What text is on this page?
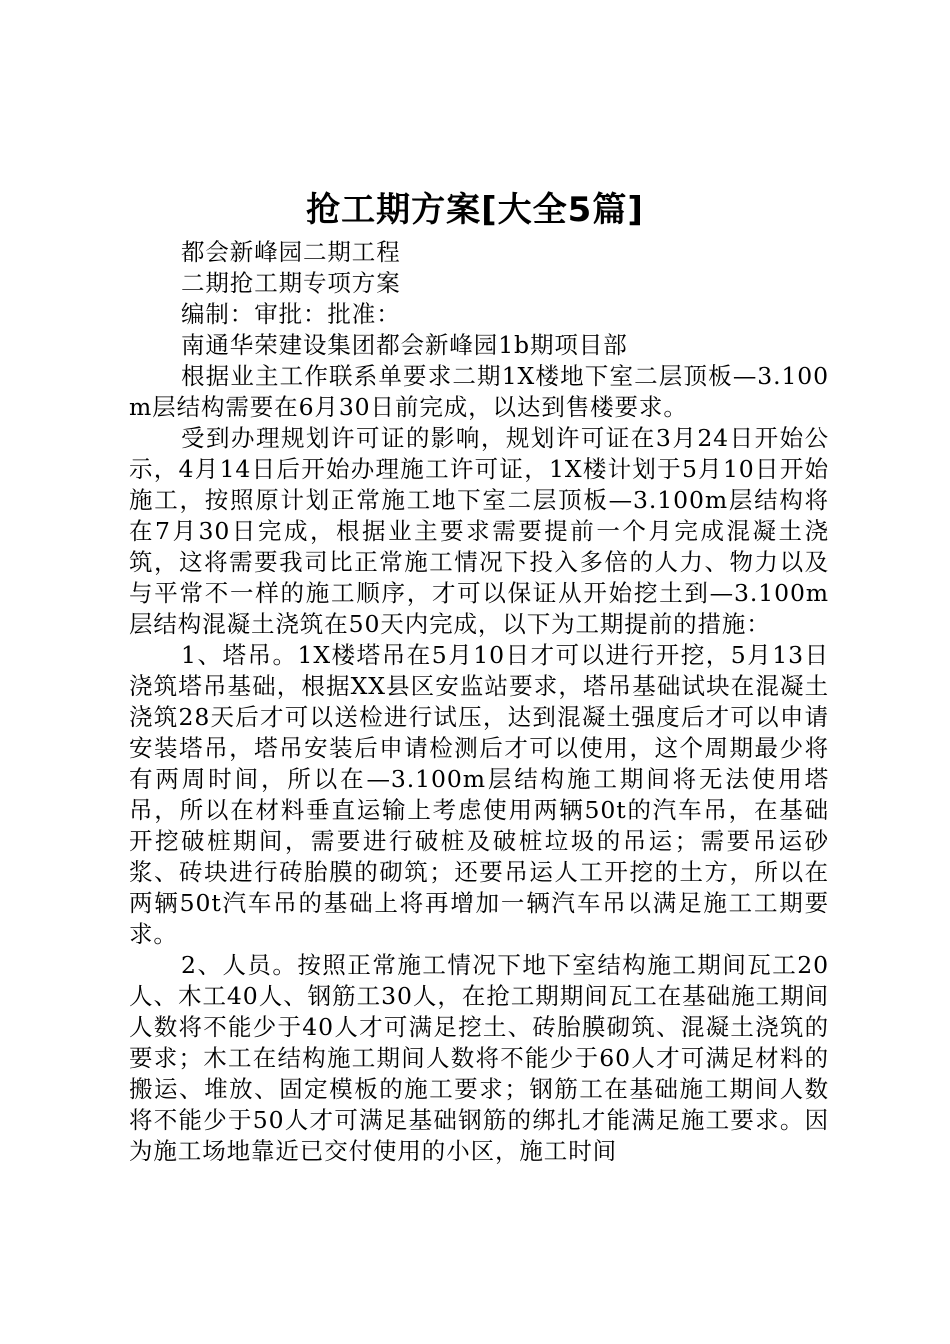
抢工期方案[大全5篇]
都会新峰园二期工程
二期抢工期专项方案
编制：审批：批准：
南通华荣建设集团都会新峰园1b期项目部

根据业主工作联系单要求二期1X楼地下室二层顶板—3.100m层结构需要在6月30日前完成，以达到售楼要求。

受到办理规划许可证的影响，规划许可证在3月24日开始公示，4月14日后开始办理施工许可证，1X楼计划于5月10日开始施工，按照原计划正常施工地下室二层顶板—3.100m层结构将在7月30日完成，根据业主要求需要提前一个月完成混凝土浇筑，这将需要我司比正常施工情况下投入多倍的人力、物力以及与平常不一样的施工顺序，才可以保证从开始挖土到—3.100m层结构混凝土浇筑在50天内完成，以下为工期提前的措施：

1、塔吊。1X楼塔吊在5月10日才可以进行开挖，5月13日浇筑塔吊基础，根据XX县区安监站要求，塔吊基础试块在混凝土浇筑28天后才可以送检进行试压，达到混凝土强度后才可以申请安装塔吊，塔吊安装后申请检测后才可以使用，这个周期最少将有两周时间，所以在—3.100m层结构施工期间将无法使用塔吊，所以在材料垂直运输上考虑使用两辆50t的汽车吊，在基础开挖破桩期间，需要进行破桩及破桩垃圾的吊运；需要吊运砂浆、砖块进行砖胎膜的砌筑；还要吊运人工开挖的土方，所以在两辆50t汽车吊的基础上将再增加一辆汽车吊以满足施工工期要求。

2、人员。按照正常施工情况下地下室结构施工期间瓦工20人、木工40人、钢筋工30人，在抢工期期间瓦工在基础施工期间人数将不能少于40人才可满足挖土、砖胎膜砌筑、混凝土浇筑的要求；木工在结构施工期间人数将不能少于60人才可满足材料的搬运、堆放、固定模板的施工要求；钢筋工在基础施工期间人数将不能少于50人才可满足基础钢筋的绑扎才能满足施工要求。因为施工场地靠近已交付使用的小区，施工时间
